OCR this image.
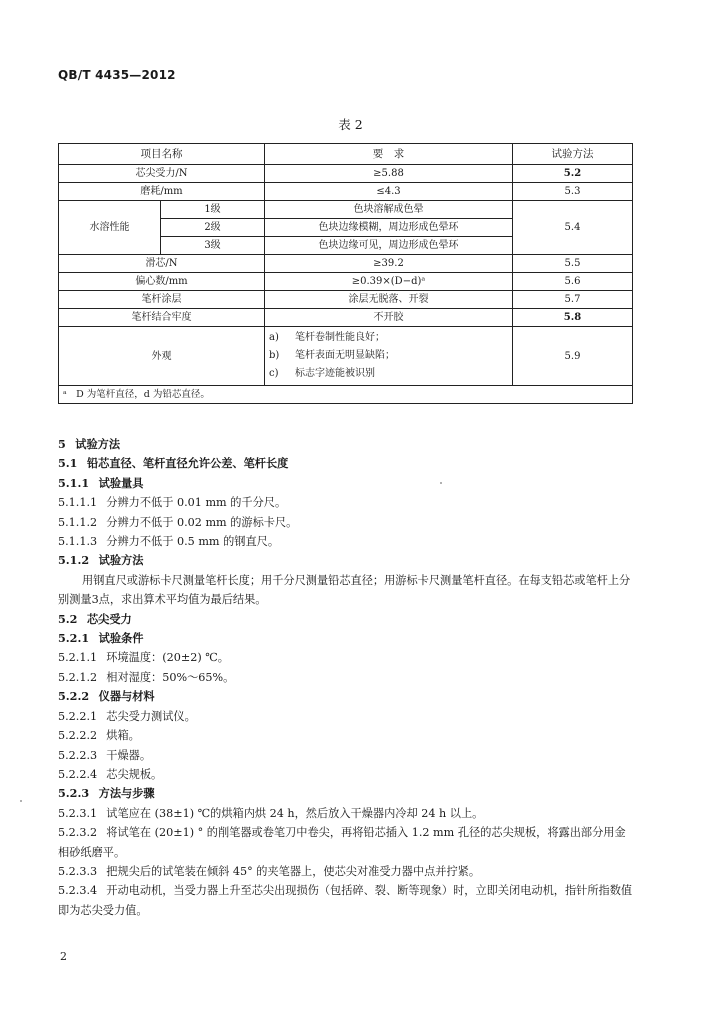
QB/T 4435—2012
表 2
项目名称		要　求	试验方法
芯尖受力/N		≥5.88	5.2
磨耗/mm		≤4.3	5.3
水溶性能	1级	色块溶解成色晕	5.4
	2级	色块边缘模糊，周边形成色晕环	
	3级	色块边缘可见，周边形成色晕环	
滑芯/N		≥39.2	5.5
偏心数/mm		≥0.39×(D−d)ᵃ	5.6
笔杆涂层		涂层无脱落、开裂	5.7
笔杆结合牢度		不开胶	5.8
外观		a) 笔杆卷制性能良好；
b) 笔杆表面无明显缺陷；
c) 标志字迹能被识别	5.9
ᵃ　D 为笔杆直径，d 为铅芯直径。			
5  试验方法
5.1  铅芯直径、笔杆直径允许公差、笔杆长度
5.1.1  试验量具
5.1.1.1  分辨力不低于 0.01 mm 的千分尺。
5.1.1.2  分辨力不低于 0.02 mm 的游标卡尺。
5.1.1.3  分辨力不低于 0.5 mm 的钢直尺。
5.1.2  试验方法
用钢直尺或游标卡尺测量笔杆长度；用千分尺测量铅芯直径；用游标卡尺测量笔杆直径。在每支铅芯或笔杆上分别测量3点，求出算术平均值为最后结果。
5.2  芯尖受力
5.2.1  试验条件
5.2.1.1  环境温度：(20±2) ℃。
5.2.1.2  相对湿度：50%～65%。
5.2.2  仪器与材料
5.2.2.1  芯尖受力测试仪。
5.2.2.2  烘箱。
5.2.2.3  干燥器。
5.2.2.4  芯尖规板。
5.2.3  方法与步骤
5.2.3.1  试笔应在 (38±1) ℃的烘箱内烘 24 h，然后放入干燥器内冷却 24 h 以上。
5.2.3.2  将试笔在 (20±1) ° 的削笔器或卷笔刀中卷尖，再将铅芯插入 1.2 mm 孔径的芯尖规板，将露出部分用金相砂纸磨平。
5.2.3.3  把规尖后的试笔装在倾斜 45° 的夹笔器上，使芯尖对准受力器中点并拧紧。
5.2.3.4  开动电动机，当受力器上升至芯尖出现损伤（包括碎、裂、断等现象）时，立即关闭电动机，指针所指数值即为芯尖受力值。
2
